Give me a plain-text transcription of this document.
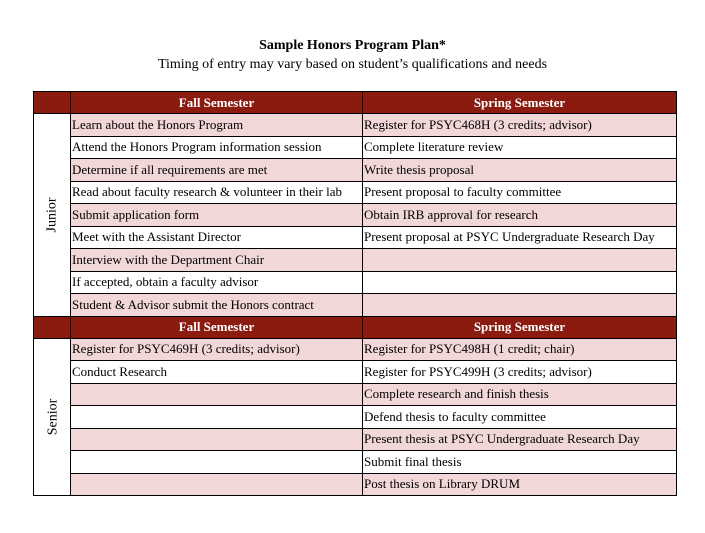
Sample Honors Program Plan*
Timing of entry may vary based on student’s qualifications and needs
	Fall Semester	Spring Semester
Junior	Learn about the Honors Program	Register for PSYC468H (3 credits; advisor)
	Attend the Honors Program information session	Complete literature review
	Determine if all requirements are met	Write thesis proposal
	Read about faculty research & volunteer in their lab	Present proposal to faculty committee
	Submit application form	Obtain IRB approval for research
	Meet with the Assistant Director	Present proposal at PSYC Undergraduate Research Day
	Interview with the Department Chair	
	If accepted, obtain a faculty advisor	
	Student & Advisor submit the Honors contract	
	Fall Semester	Spring Semester
Senior	Register for PSYC469H (3 credits; advisor)	Register for PSYC498H (1 credit; chair)
	Conduct Research	Register for PSYC499H (3 credits; advisor)
		Complete research and finish thesis
		Defend thesis to faculty committee
		Present thesis at PSYC Undergraduate Research Day
		Submit final thesis
		Post thesis on Library DRUM
